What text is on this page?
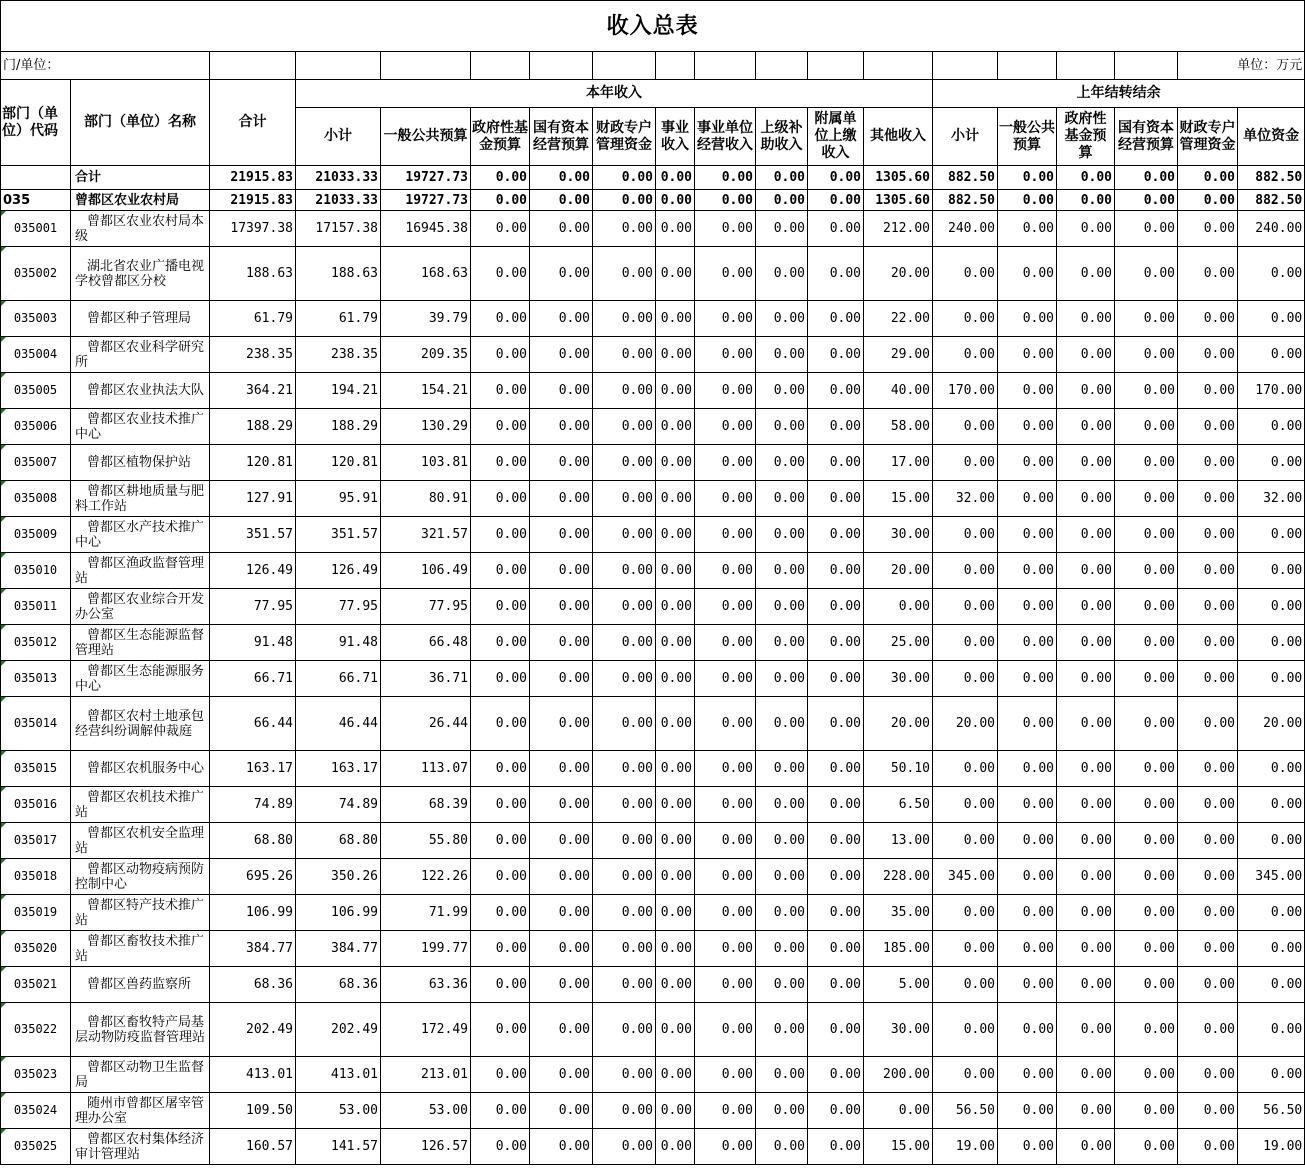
收入总表																		
门/单位：																	单位：万元	
部门（单位）代码	部门（单位）名称	合计	本年收入										上年结转结余					
			小计	一般公共预算	政府性基金预算	国有资本经营预算	财政专户管理资金	事业收入	事业单位经营收入	上级补助收入	附属单位上缴收入	其他收入	小计	一般公共预算	政府性基金预算	国有资本经营预算	财政专户管理资金	单位资金

	合计	21915.83	21033.33	19727.73	0.00	0.00	0.00	0.00	0.00	0.00	0.00	1305.60	882.50	0.00	0.00	0.00	0.00	882.50
035	曾都区农业农村局	21915.83	21033.33	19727.73	0.00	0.00	0.00	0.00	0.00	0.00	0.00	1305.60	882.50	0.00	0.00	0.00	0.00	882.50
035001	曾都区农业农村局本级	17397.38	17157.38	16945.38	0.00	0.00	0.00	0.00	0.00	0.00	0.00	212.00	240.00	0.00	0.00	0.00	0.00	240.00
035002	湖北省农业广播电视学校曾都区分校	188.63	188.63	168.63	0.00	0.00	0.00	0.00	0.00	0.00	0.00	20.00	0.00	0.00	0.00	0.00	0.00	0.00
035003	曾都区种子管理局	61.79	61.79	39.79	0.00	0.00	0.00	0.00	0.00	0.00	0.00	22.00	0.00	0.00	0.00	0.00	0.00	0.00
035004	曾都区农业科学研究所	238.35	238.35	209.35	0.00	0.00	0.00	0.00	0.00	0.00	0.00	29.00	0.00	0.00	0.00	0.00	0.00	0.00
035005	曾都区农业执法大队	364.21	194.21	154.21	0.00	0.00	0.00	0.00	0.00	0.00	0.00	40.00	170.00	0.00	0.00	0.00	0.00	170.00
035006	曾都区农业技术推广中心	188.29	188.29	130.29	0.00	0.00	0.00	0.00	0.00	0.00	0.00	58.00	0.00	0.00	0.00	0.00	0.00	0.00
035007	曾都区植物保护站	120.81	120.81	103.81	0.00	0.00	0.00	0.00	0.00	0.00	0.00	17.00	0.00	0.00	0.00	0.00	0.00	0.00
035008	曾都区耕地质量与肥料工作站	127.91	95.91	80.91	0.00	0.00	0.00	0.00	0.00	0.00	0.00	15.00	32.00	0.00	0.00	0.00	0.00	32.00
035009	曾都区水产技术推广中心	351.57	351.57	321.57	0.00	0.00	0.00	0.00	0.00	0.00	0.00	30.00	0.00	0.00	0.00	0.00	0.00	0.00
035010	曾都区渔政监督管理站	126.49	126.49	106.49	0.00	0.00	0.00	0.00	0.00	0.00	0.00	20.00	0.00	0.00	0.00	0.00	0.00	0.00
035011	曾都区农业综合开发办公室	77.95	77.95	77.95	0.00	0.00	0.00	0.00	0.00	0.00	0.00	0.00	0.00	0.00	0.00	0.00	0.00	0.00
035012	曾都区生态能源监督管理站	91.48	91.48	66.48	0.00	0.00	0.00	0.00	0.00	0.00	0.00	25.00	0.00	0.00	0.00	0.00	0.00	0.00
035013	曾都区生态能源服务中心	66.71	66.71	36.71	0.00	0.00	0.00	0.00	0.00	0.00	0.00	30.00	0.00	0.00	0.00	0.00	0.00	0.00
035014	曾都区农村土地承包经营纠纷调解仲裁庭	66.44	46.44	26.44	0.00	0.00	0.00	0.00	0.00	0.00	0.00	20.00	20.00	0.00	0.00	0.00	0.00	20.00
035015	曾都区农机服务中心	163.17	163.17	113.07	0.00	0.00	0.00	0.00	0.00	0.00	0.00	50.10	0.00	0.00	0.00	0.00	0.00	0.00
035016	曾都区农机技术推广站	74.89	74.89	68.39	0.00	0.00	0.00	0.00	0.00	0.00	0.00	6.50	0.00	0.00	0.00	0.00	0.00	0.00
035017	曾都区农机安全监理站	68.80	68.80	55.80	0.00	0.00	0.00	0.00	0.00	0.00	0.00	13.00	0.00	0.00	0.00	0.00	0.00	0.00
035018	曾都区动物疫病预防控制中心	695.26	350.26	122.26	0.00	0.00	0.00	0.00	0.00	0.00	0.00	228.00	345.00	0.00	0.00	0.00	0.00	345.00
035019	曾都区特产技术推广站	106.99	106.99	71.99	0.00	0.00	0.00	0.00	0.00	0.00	0.00	35.00	0.00	0.00	0.00	0.00	0.00	0.00
035020	曾都区畜牧技术推广站	384.77	384.77	199.77	0.00	0.00	0.00	0.00	0.00	0.00	0.00	185.00	0.00	0.00	0.00	0.00	0.00	0.00
035021	曾都区兽药监察所	68.36	68.36	63.36	0.00	0.00	0.00	0.00	0.00	0.00	0.00	5.00	0.00	0.00	0.00	0.00	0.00	0.00
035022	曾都区畜牧特产局基层动物防疫监督管理站	202.49	202.49	172.49	0.00	0.00	0.00	0.00	0.00	0.00	0.00	30.00	0.00	0.00	0.00	0.00	0.00	0.00
035023	曾都区动物卫生监督局	413.01	413.01	213.01	0.00	0.00	0.00	0.00	0.00	0.00	0.00	200.00	0.00	0.00	0.00	0.00	0.00	0.00
035024	随州市曾都区屠宰管理办公室	109.50	53.00	53.00	0.00	0.00	0.00	0.00	0.00	0.00	0.00	0.00	56.50	0.00	0.00	0.00	0.00	56.50
035025	曾都区农村集体经济审计管理站	160.57	141.57	126.57	0.00	0.00	0.00	0.00	0.00	0.00	0.00	15.00	19.00	0.00	0.00	0.00	0.00	19.00
